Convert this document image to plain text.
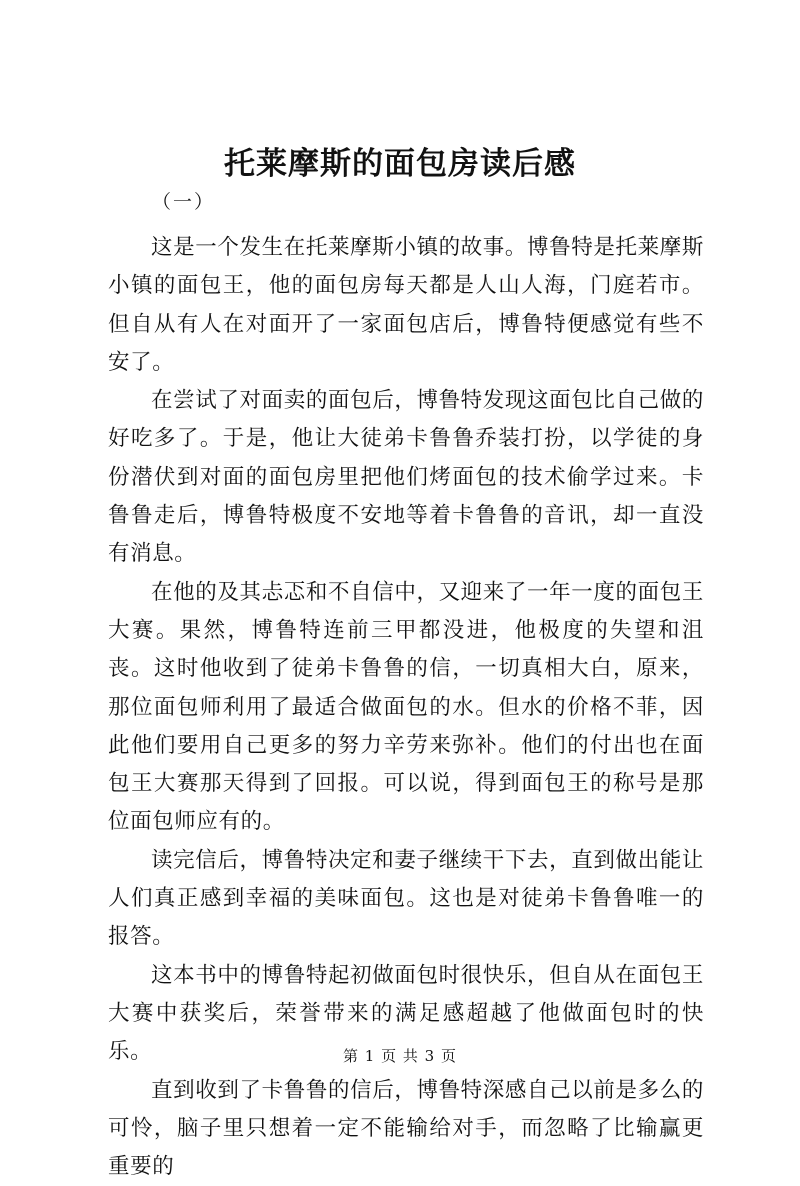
托莱摩斯的面包房读后感
（一）

这是一个发生在托莱摩斯小镇的故事。博鲁特是托莱摩斯小镇的面包王，他的面包房每天都是人山人海，门庭若市。但自从有人在对面开了一家面包店后，博鲁特便感觉有些不安了。

在尝试了对面卖的面包后，博鲁特发现这面包比自己做的好吃多了。于是，他让大徒弟卡鲁鲁乔装打扮，以学徒的身份潜伏到对面的面包房里把他们烤面包的技术偷学过来。卡鲁鲁走后，博鲁特极度不安地等着卡鲁鲁的音讯，却一直没有消息。

在他的及其忐忑和不自信中，又迎来了一年一度的面包王大赛。果然，博鲁特连前三甲都没进，他极度的失望和沮丧。这时他收到了徒弟卡鲁鲁的信，一切真相大白，原来，那位面包师利用了最适合做面包的水。但水的价格不菲，因此他们要用自己更多的努力辛劳来弥补。他们的付出也在面包王大赛那天得到了回报。可以说，得到面包王的称号是那位面包师应有的。

读完信后，博鲁特决定和妻子继续干下去，直到做出能让人们真正感到幸福的美味面包。这也是对徒弟卡鲁鲁唯一的报答。

这本书中的博鲁特起初做面包时很快乐，但自从在面包王大赛中获奖后，荣誉带来的满足感超越了他做面包时的快乐。

直到收到了卡鲁鲁的信后，博鲁特深感自己以前是多么的可怜，脑子里只想着一定不能输给对手，而忽略了比输赢更重要的

第 1 页 共 3 页
